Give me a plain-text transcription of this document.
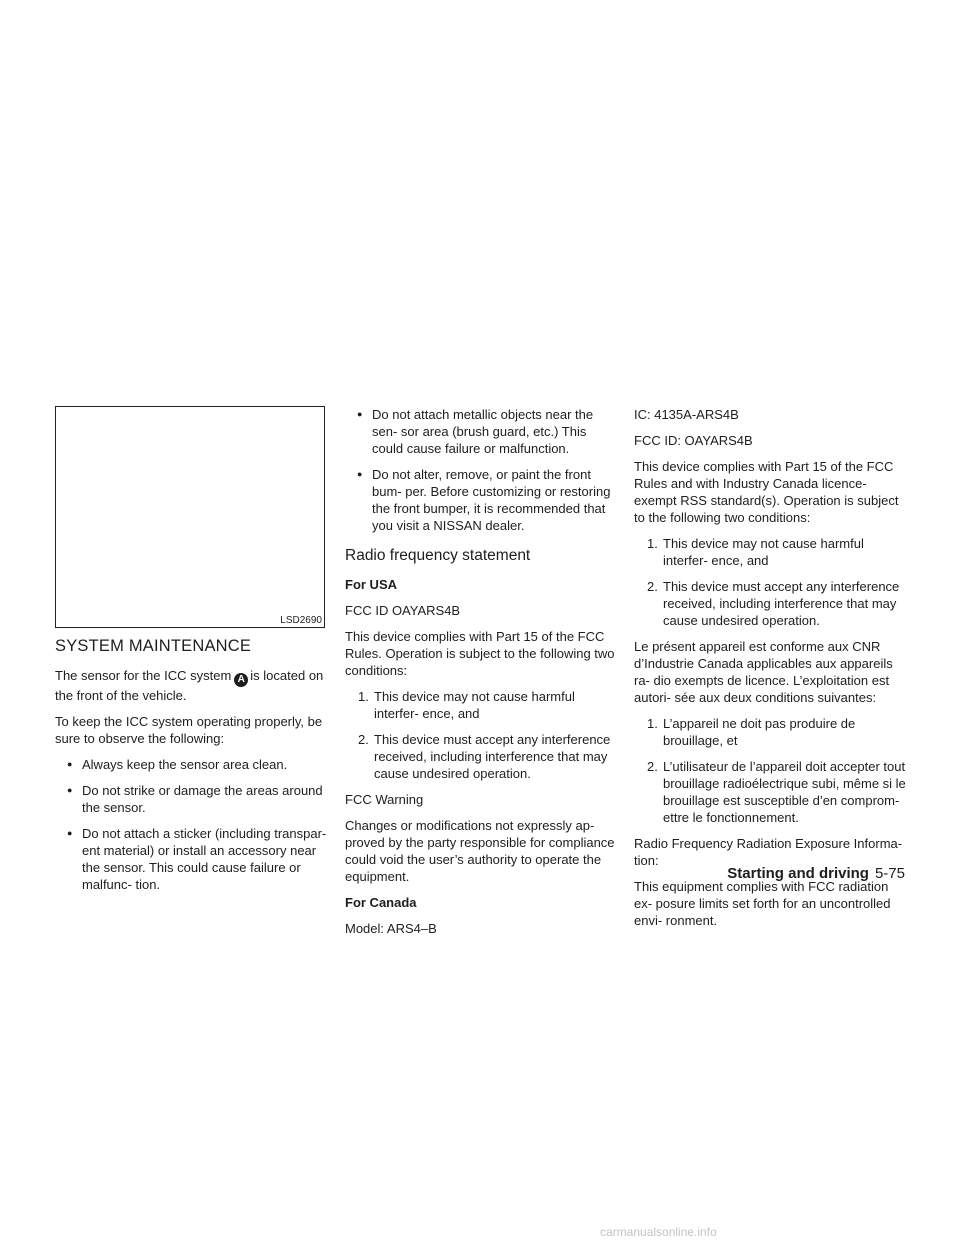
LSD2690
SYSTEM MAINTENANCE

The sensor for the ICC system A is located on the front of the vehicle.

To keep the ICC system operating properly, be sure to observe the following:

● Always keep the sensor area clean.
● Do not strike or damage the areas around the sensor.
● Do not attach a sticker (including transpar- ent material) or install an accessory near the sensor. This could cause failure or malfunc- tion.
● Do not attach metallic objects near the sen- sor area (brush guard, etc.) This could cause failure or malfunction.
● Do not alter, remove, or paint the front bum- per. Before customizing or restoring the front bumper, it is recommended that you visit a NISSAN dealer.
Radio frequency statement

For USA

FCC ID OAYARS4B

This device complies with Part 15 of the FCC Rules. Operation is subject to the following two conditions:

1. This device may not cause harmful interfer- ence, and
2. This device must accept any interference received, including interference that may cause undesired operation.

FCC Warning

Changes or modifications not expressly ap- proved by the party responsible for compliance could void the user’s authority to operate the equipment.

For Canada

Model: ARS4–B

IC: 4135A-ARS4B

FCC ID: OAYARS4B

This device complies with Part 15 of the FCC Rules and with Industry Canada licence-exempt RSS standard(s). Operation is subject to the following two conditions:

1. This device may not cause harmful interfer- ence, and
2. This device must accept any interference received, including interference that may cause undesired operation.

Le présent appareil est conforme aux CNR d’Industrie Canada applicables aux appareils ra- dio exempts de licence. L’exploitation est autori- sée aux deux conditions suivantes:

1. L’appareil ne doit pas produire de brouillage, et
2. L’utilisateur de l’appareil doit accepter tout brouillage radioélectrique subi, même si le brouillage est susceptible d’en comprom- ettre le fonctionnement.

Radio Frequency Radiation Exposure Informa- tion:

This equipment complies with FCC radiation ex- posure limits set forth for an uncontrolled envi- ronment.

Starting and driving 5-75
carmanualsonline.info
